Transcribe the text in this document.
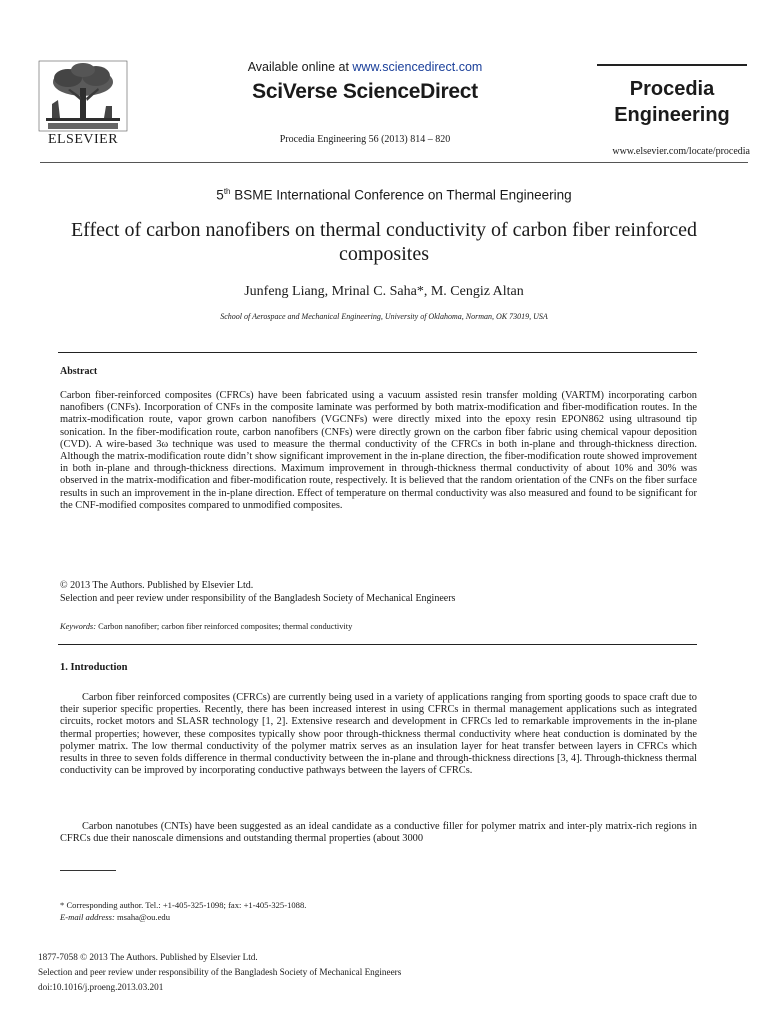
ELSEVIER
Available online at www.sciencedirect.com
SciVerse ScienceDirect
Procedia Engineering 56 (2013) 814 – 820
Procedia
Engineering
www.elsevier.com/locate/procedia
5th BSME International Conference on Thermal Engineering
Effect of carbon nanofibers on thermal conductivity of carbon fiber reinforced composites
Junfeng Liang, Mrinal C. Saha*, M. Cengiz Altan
School of Aerospace and Mechanical Engineering, University of Oklahoma, Norman, OK 73019, USA
Abstract
Carbon fiber-reinforced composites (CFRCs) have been fabricated using a vacuum assisted resin transfer molding (VARTM) incorporating carbon nanofibers (CNFs). Incorporation of CNFs in the composite laminate was performed by both matrix-modification and fiber-modification routes. In the matrix-modification route, vapor grown carbon nanofibers (VGCNFs) were directly mixed into the epoxy resin EPON862 using ultrasound tip sonication. In the fiber-modification route, carbon nanofibers (CNFs) were directly grown on the carbon fiber fabric using chemical vapour deposition (CVD). A wire-based 3ω technique was used to measure the thermal conductivity of the CFRCs in both in-plane and through-thickness direction. Although the matrix-modification route didn’t show significant improvement in the in-plane direction, the fiber-modification route showed improvement in both in-plane and through-thickness directions. Maximum improvement in through-thickness thermal conductivity of about 10% and 30% was observed in the matrix-modification and fiber-modification route, respectively. It is believed that the random orientation of the CNFs on the fiber surface results in such an improvement in the in-plane direction. Effect of temperature on thermal conductivity was also measured and found to be significant for the CNF-modified composites compared to unmodified composites.
© 2013 The Authors. Published by Elsevier Ltd.
Selection and peer review under responsibility of the Bangladesh Society of Mechanical Engineers
Keywords: Carbon nanofiber; carbon fiber reinforced composites; thermal conductivity
1. Introduction
Carbon fiber reinforced composites (CFRCs) are currently being used in a variety of applications ranging from sporting goods to space craft due to their superior specific properties. Recently, there has been increased interest in using CFRCs in thermal management applications such as integrated circuits, rocket motors and SLASR technology [1, 2]. Extensive research and development in CFRCs led to remarkable improvements in the in-plane thermal properties; however, these composites typically show poor through-thickness thermal conductivity where heat conduction is dominated by the polymer matrix. The low thermal conductivity of the polymer matrix serves as an insulation layer for heat transfer between layers in CFRCs which results in three to seven folds difference in thermal conductivity between the in-plane and through-thickness directions [3, 4]. Through-thickness thermal conductivity can be improved by incorporating conductive pathways between the layers of CFRCs.
Carbon nanotubes (CNTs) have been suggested as an ideal candidate as a conductive filler for polymer matrix and inter-ply matrix-rich regions in CFRCs due their nanoscale dimensions and outstanding thermal properties (about 3000
* Corresponding author. Tel.: +1-405-325-1098; fax: +1-405-325-1088.
E-mail address: msaha@ou.edu
1877-7058 © 2013 The Authors. Published by Elsevier Ltd.
Selection and peer review under responsibility of the Bangladesh Society of Mechanical Engineers
doi:10.1016/j.proeng.2013.03.201
